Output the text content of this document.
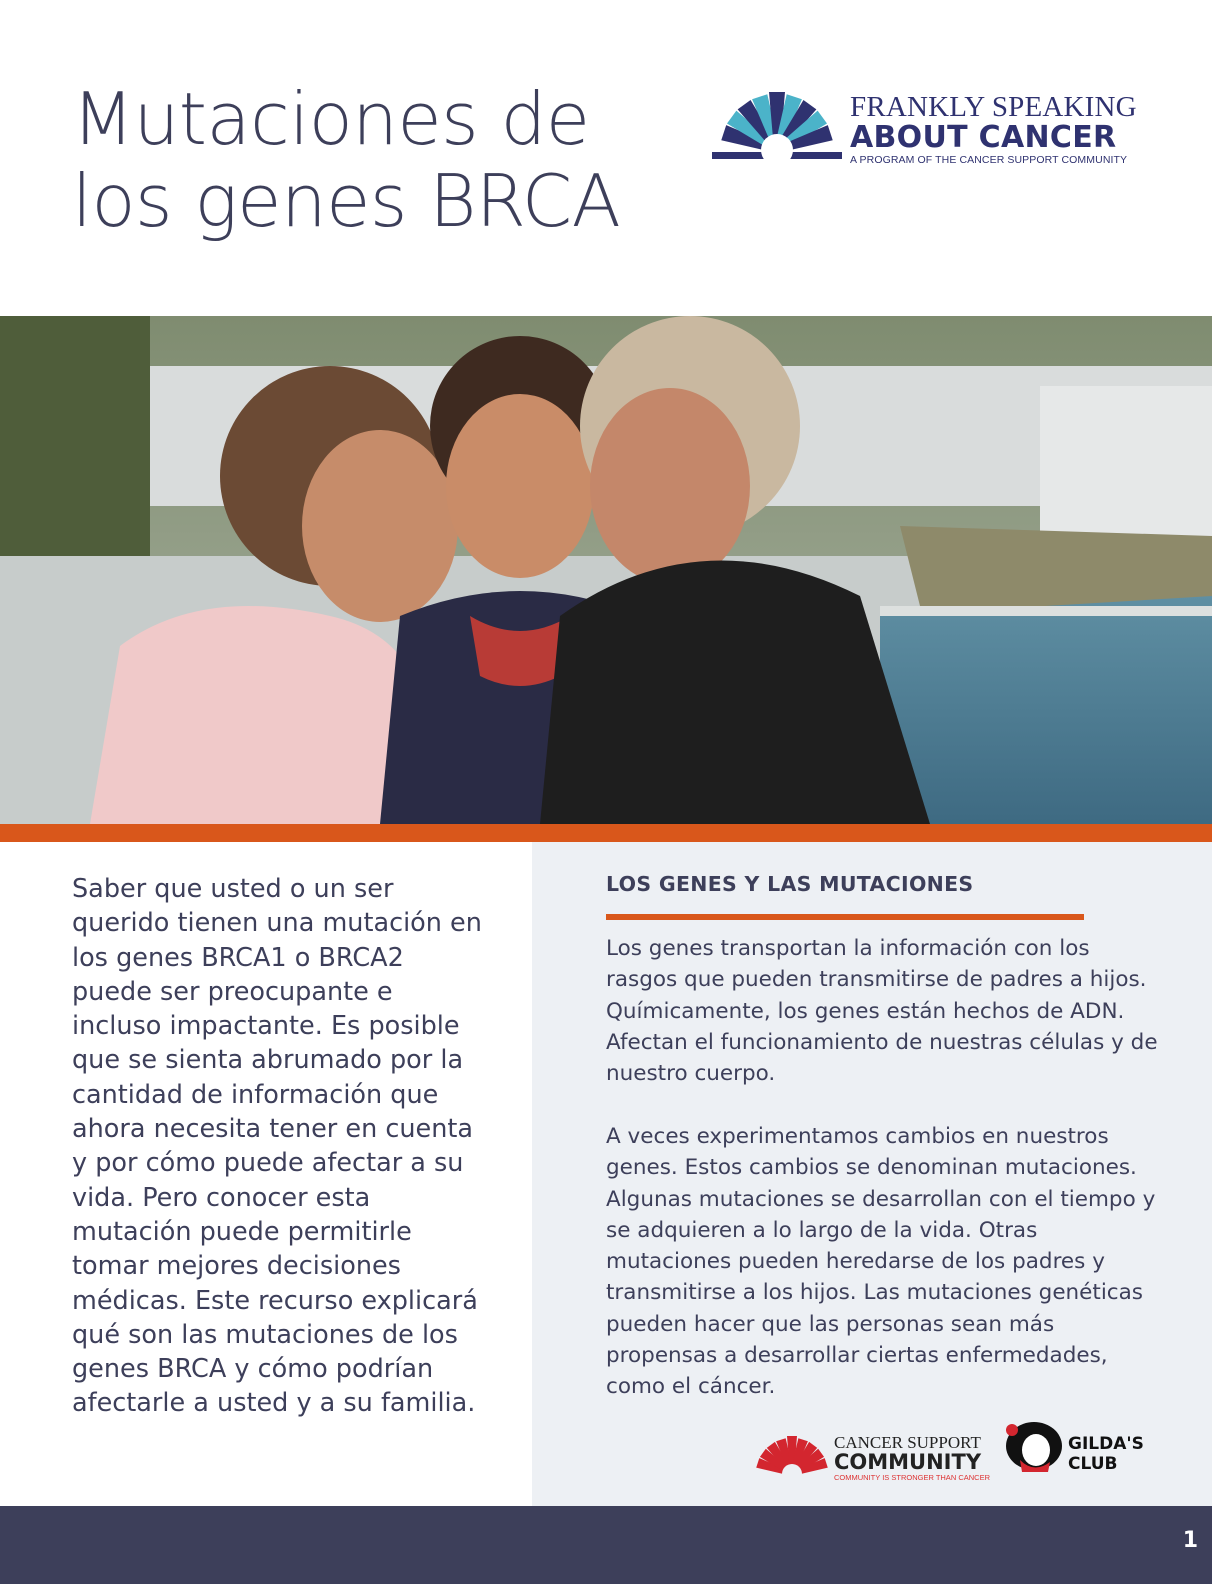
Mutaciones de
los genes BRCA
FRANKLY SPEAKING
ABOUT CANCER
A PROGRAM OF THE CANCER SUPPORT COMMUNITY

Saber que usted o un ser querido tienen una mutación en los genes BRCA1 o BRCA2 puede ser preocupante e incluso impactante. Es posible que se sienta abrumado por la cantidad de información que ahora necesita tener en cuenta y por cómo puede afectar a su vida. Pero conocer esta mutación puede permitirle tomar mejores decisiones médicas. Este recurso explicará qué son las mutaciones de los genes BRCA y cómo podrían afectarle a usted y a su familia.

LOS GENES Y LAS MUTACIONES

Los genes transportan la información con los rasgos que pueden transmitirse de padres a hijos. Químicamente, los genes están hechos de ADN. Afectan el funcionamiento de nuestras células y de nuestro cuerpo.

A veces experimentamos cambios en nuestros genes. Estos cambios se denominan mutaciones. Algunas mutaciones se desarrollan con el tiempo y se adquieren a lo largo de la vida. Otras mutaciones pueden heredarse de los padres y transmitirse a los hijos. Las mutaciones genéticas pueden hacer que las personas sean más propensas a desarrollar ciertas enfermedades, como el cáncer.

CANCER SUPPORT
COMMUNITY
COMMUNITY IS STRONGER THAN CANCER
GILDA'S
CLUB
1
